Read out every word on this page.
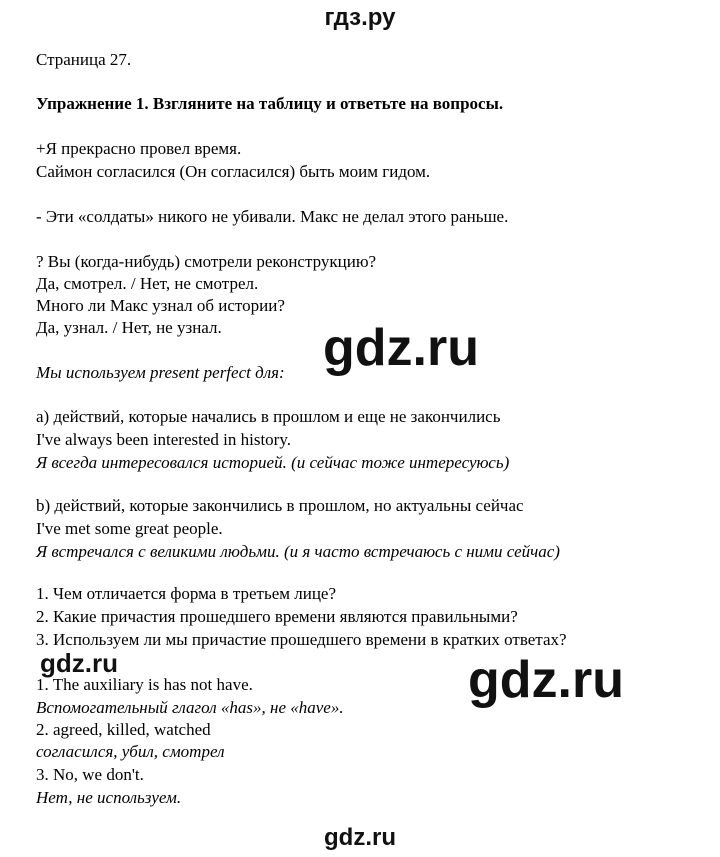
гдз.ру
Страница 27.
Упражнение 1. Взгляните на таблицу и ответьте на вопросы.
+Я прекрасно провел время.
Саймон согласился (Он согласился) быть моим гидом.
- Эти «солдаты» никого не убивали. Макс не делал этого раньше.
? Вы (когда-нибудь) смотрели реконструкцию?
Да, смотрел. / Нет, не смотрел.
Много ли Макс узнал об истории?
Да, узнал. / Нет, не узнал.
Мы используем present perfect для:
a) действий, которые начались в прошлом и еще не закончились
I've always been interested in history.
Я всегда интересовался историей. (и сейчас тоже интересуюсь)
b) действий, которые закончились в прошлом, но актуальны сейчас
I've met some great people.
Я встречался с великими людьми. (и я часто встречаюсь с ними сейчас)
1. Чем отличается форма в третьем лице?
2. Какие причастия прошедшего времени являются правильными?
3. Используем ли мы причастие прошедшего времени в кратких ответах?
1. The auxiliary is has not have.
Вспомогательный глагол «has», не «have».
2. agreed, killed, watched
согласился, убил, смотрел
3. No, we don't.
Нет, не используем.
gdz.ru
gdz.ru	gdz.ru
gdz.ru
